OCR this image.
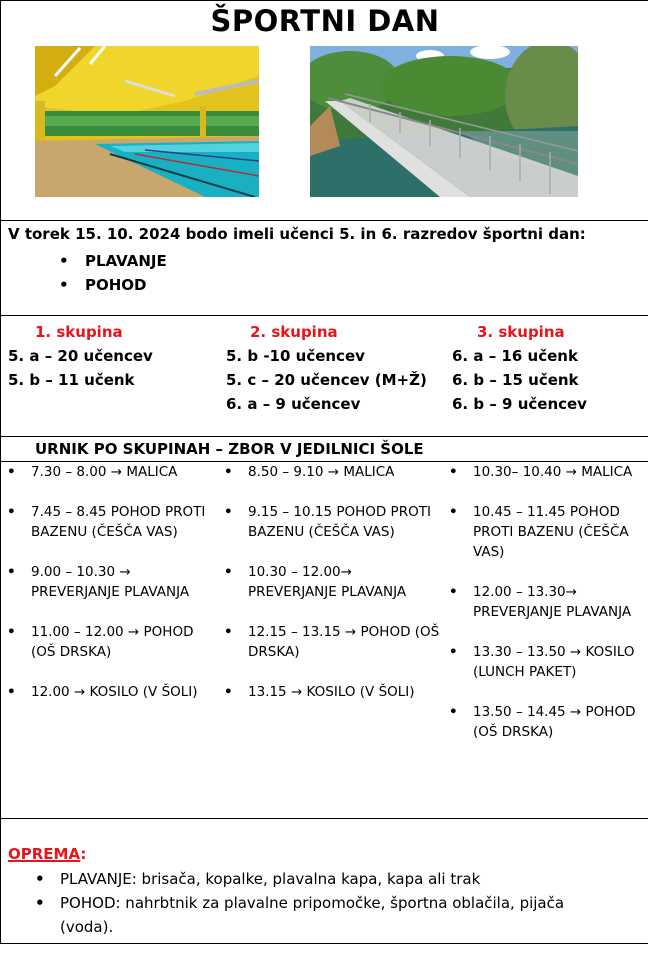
ŠPORTNI DAN
V torek 15. 10. 2024 bodo imeli učenci 5. in 6. razredov športni dan:
• PLAVANJE
• POHOD
1. skupina
5. a – 20 učencev
5. b – 11 učenk
2. skupina
5. b -10 učencev
5. c – 20 učencev (M+Ž)
6. a – 9 učencev
3. skupina
6. a – 16 učenk
6. b – 15 učenk
6. b – 9 učencev
URNIK PO SKUPINAH – ZBOR V JEDILNICI ŠOLE
• 7.30 – 8.00 → MALICA
• 7.45 – 8.45 POHOD PROTI BAZENU (ČEŠČA VAS)
• 9.00 – 10.30 → PREVERJANJE PLAVANJA
• 11.00 – 12.00 → POHOD (OŠ DRSKA)
• 12.00 → KOSILO (V ŠOLI)
• 8.50 – 9.10 → MALICA
• 9.15 – 10.15 POHOD PROTI BAZENU (ČEŠČA VAS)
• 10.30 – 12.00→ PREVERJANJE PLAVANJA
• 12.15 – 13.15 → POHOD (OŠ DRSKA)
• 13.15 → KOSILO (V ŠOLI)
• 10.30– 10.40 → MALICA
• 10.45 – 11.45 POHOD PROTI BAZENU (ČEŠČA VAS)
• 12.00 – 13.30→ PREVERJANJE PLAVANJA
• 13.30 – 13.50 → KOSILO (LUNCH PAKET)
• 13.50 – 14.45 → POHOD (OŠ DRSKA)
OPREMA:
• PLAVANJE: brisača, kopalke, plavalna kapa, kapa ali trak
• POHOD: nahrbtnik za plavalne pripomočke, športna oblačila, pijača (voda).
